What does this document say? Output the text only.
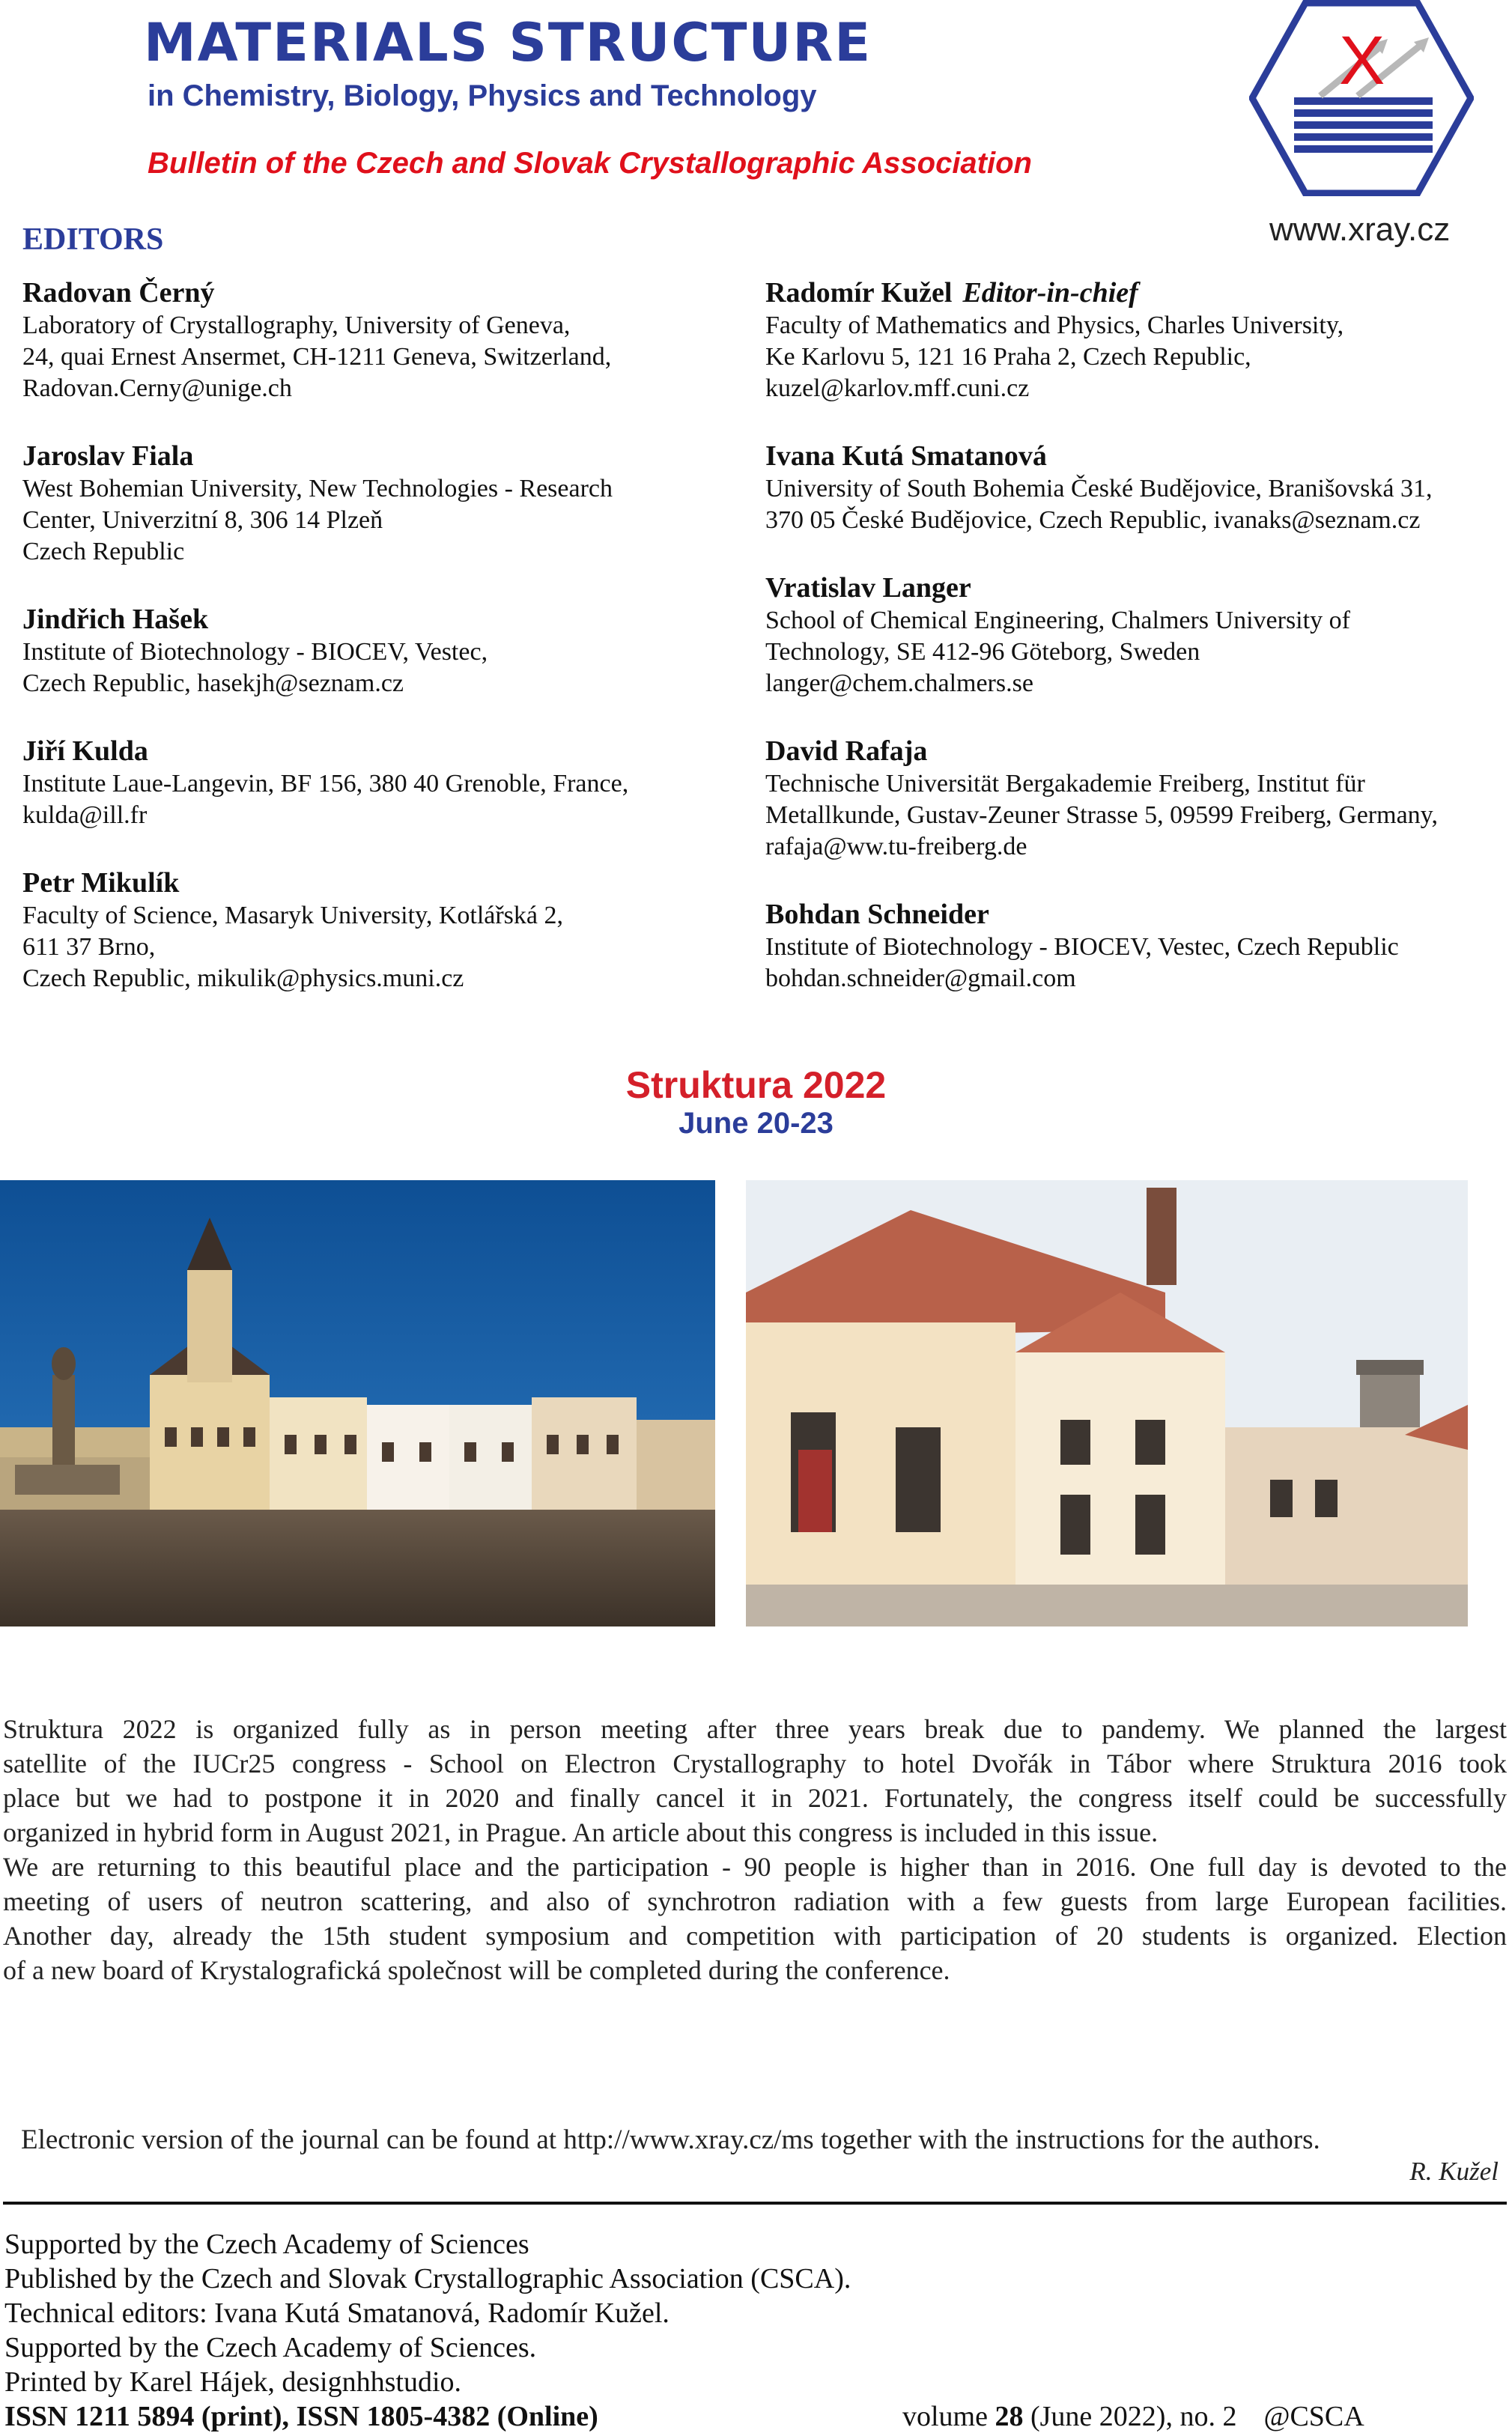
MATERIALS STRUCTURE
in Chemistry, Biology, Physics and Technology
Bulletin of the Czech and Slovak Crystallographic Association
X
www.xray.cz
EDITORS
Radovan Černý
Laboratory of Crystallography, University of Geneva,
24, quai Ernest Ansermet, CH-1211 Geneva, Switzerland,
Radovan.Cerny@unige.ch
Jaroslav Fiala
West Bohemian University, New Technologies - Research
Center, Univerzitní 8, 306 14 Plzeň
Czech Republic
Jindřich Hašek
Institute of Biotechnology - BIOCEV, Vestec,
Czech Republic, hasekjh@seznam.cz
Jiří Kulda
Institute Laue-Langevin, BF 156, 380 40 Grenoble, France,
kulda@ill.fr
Petr Mikulík
Faculty of Science, Masaryk University, Kotlářská 2,
611 37 Brno,
Czech Republic, mikulik@physics.muni.cz
Radomír Kužel Editor-in-chief
Faculty of Mathematics and Physics, Charles University,
Ke Karlovu 5, 121 16 Praha 2, Czech Republic,
kuzel@karlov.mff.cuni.cz
Ivana Kutá Smatanová
University of South Bohemia České Budějovice, Branišovská 31,
370 05 České Budějovice, Czech Republic, ivanaks@seznam.cz
Vratislav Langer
School of Chemical Engineering, Chalmers University of
Technology, SE 412-96 Göteborg, Sweden
langer@chem.chalmers.se
David Rafaja
Technische Universität Bergakademie Freiberg, Institut für
Metallkunde, Gustav-Zeuner Strasse 5, 09599 Freiberg, Germany,
rafaja@ww.tu-freiberg.de
Bohdan Schneider
Institute of Biotechnology - BIOCEV, Vestec, Czech Republic
bohdan.schneider@gmail.com
Struktura 2022
June 20-23
Struktura 2022 is organized fully as in person meeting after three years break due to pandemy. We planned the largest
satellite of the IUCr25 congress - School on Electron Crystallography to hotel Dvořák in Tábor where Struktura 2016 took
place but we had to postpone it in 2020 and finally cancel it in 2021. Fortunately, the congress itself could be successfully
organized in hybrid form in August 2021, in Prague. An article about this congress is included in this issue.
We are returning to this beautiful place and the participation - 90 people is higher than in 2016. One full day is devoted to the
meeting of users of neutron scattering, and also of synchrotron radiation with a few guests from large European facilities.
Another day, already the 15th student symposium and competition with participation of 20 students is organized. Election
of a new board of Krystalografická společnost will be completed during the conference.
Electronic version of the journal can be found at http://www.xray.cz/ms together with the instructions for the authors.
R. Kužel
Supported by the Czech Academy of Sciences
Published by the Czech and Slovak Crystallographic Association (CSCA).
Technical editors: Ivana Kutá Smatanová, Radomír Kužel.
Supported by the Czech Academy of Sciences.
Printed by Karel Hájek, designhhstudio.
ISSN 1211 5894 (print), ISSN 1805-4382 (Online)	volume 28 (June 2022), no. 2 @CSCA
